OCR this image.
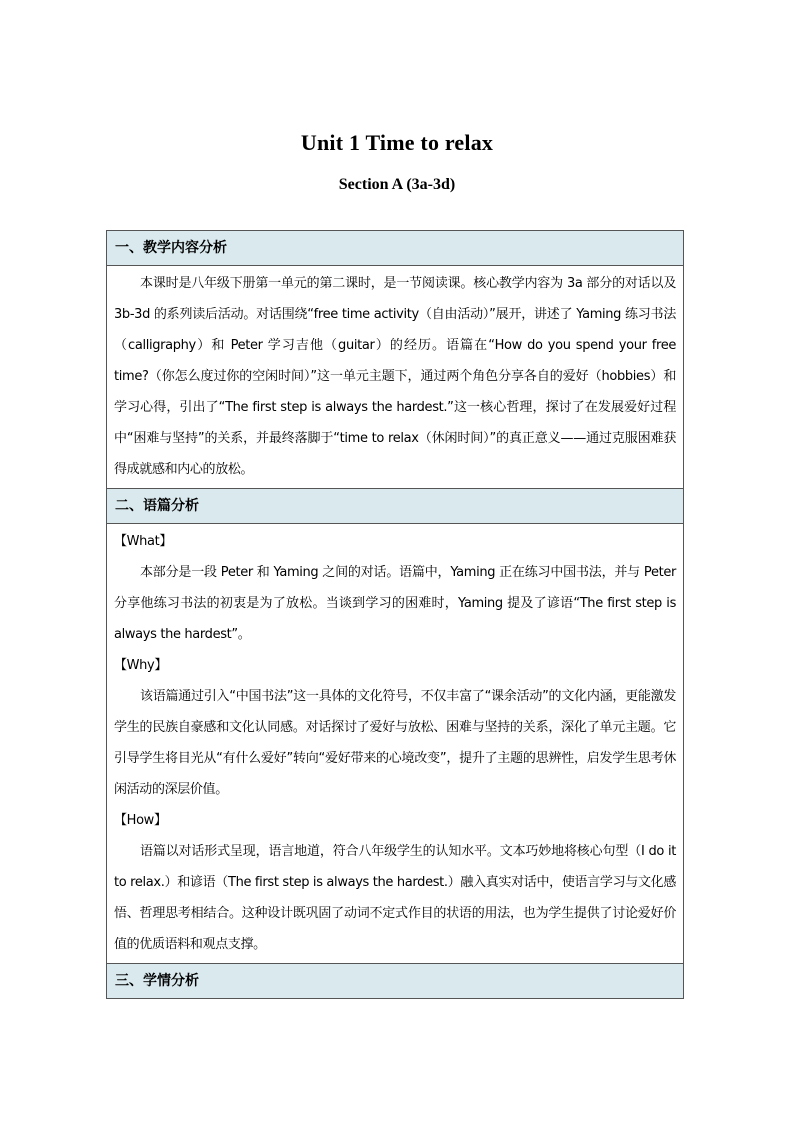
Unit 1 Time to relax
Section A (3a-3d)
一、教学内容分析

本课时是八年级下册第一单元的第二课时，是一节阅读课。核心教学内容为 3a 部分的对话以及 3b-3d 的系列读后活动。对话围绕“free time activity（自由活动）”展开，讲述了 Yaming 练习书法（calligraphy）和 Peter 学习吉他（guitar）的经历。语篇在“How do you spend your free time?（你怎么度过你的空闲时间）”这一单元主题下，通过两个角色分享各自的爱好（hobbies）和学习心得，引出了“The first step is always the hardest.”这一核心哲理，探讨了在发展爱好过程中“困难与坚持”的关系，并最终落脚于“time to relax（休闲时间）”的真正意义——通过克服困难获得成就感和内心的放松。

二、语篇分析

【What】

本部分是一段 Peter 和 Yaming 之间的对话。语篇中，Yaming 正在练习中国书法，并与 Peter 分享他练习书法的初衷是为了放松。当谈到学习的困难时，Yaming 提及了谚语“The first step is always the hardest”。

【Why】

该语篇通过引入“中国书法”这一具体的文化符号，不仅丰富了“课余活动”的文化内涵，更能激发学生的民族自豪感和文化认同感。对话探讨了爱好与放松、困难与坚持的关系，深化了单元主题。它引导学生将目光从“有什么爱好”转向“爱好带来的心境改变”，提升了主题的思辨性，启发学生思考休闲活动的深层价值。

【How】

语篇以对话形式呈现，语言地道，符合八年级学生的认知水平。文本巧妙地将核心句型（I do it to relax.）和谚语（The first step is always the hardest.）融入真实对话中，使语言学习与文化感悟、哲理思考相结合。这种设计既巩固了动词不定式作目的状语的用法，也为学生提供了讨论爱好价值的优质语料和观点支撑。

三、学情分析
